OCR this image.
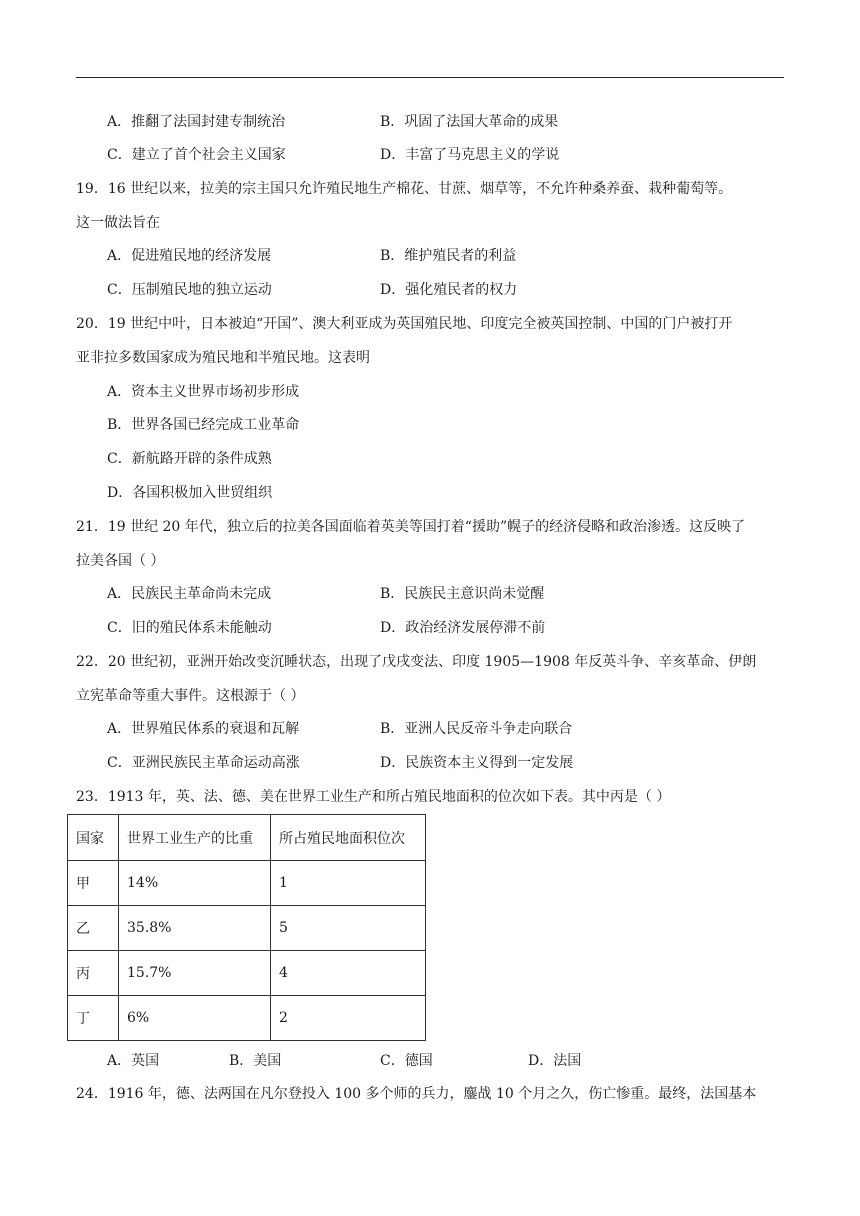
A．推翻了法国封建专制统治	B．巩固了法国大革命的成果
C．建立了首个社会主义国家	D．丰富了马克思主义的学说
19．16 世纪以来，拉美的宗主国只允许殖民地生产棉花、甘蔗、烟草等，不允许种桑养蚕、栽种葡萄等。
这一做法旨在
A．促进殖民地的经济发展	B．维护殖民者的利益
C．压制殖民地的独立运动	D．强化殖民者的权力
20．19 世纪中叶，日本被迫“开国”、澳大利亚成为英国殖民地、印度完全被英国控制、中国的门户被打开
亚非拉多数国家成为殖民地和半殖民地。这表明
A．资本主义世界市场初步形成
B．世界各国已经完成工业革命
C．新航路开辟的条件成熟
D．各国积极加入世贸组织
21．19 世纪 20 年代，独立后的拉美各国面临着英美等国打着“援助”幌子的经济侵略和政治渗透。这反映了
拉美各国（ ）
A．民族民主革命尚未完成	B．民族民主意识尚未觉醒
C．旧的殖民体系未能触动	D．政治经济发展停滞不前
22．20 世纪初，亚洲开始改变沉睡状态，出现了戊戌变法、印度 1905—1908 年反英斗争、辛亥革命、伊朗
立宪革命等重大事件。这根源于（ ）
A．世界殖民体系的衰退和瓦解	B．亚洲人民反帝斗争走向联合
C．亚洲民族民主革命运动高涨	D．民族资本主义得到一定发展
23．1913 年，英、法、德、美在世界工业生产和所占殖民地面积的位次如下表。其中丙是（ ）
国家	世界工业生产的比重	所占殖民地面积位次
甲	14%	1
乙	35.8%	5
丙	15.7%	4
丁	6%	2
A．英国	B．美国	C．德国	D．法国
24．1916 年，德、法两国在凡尔登投入 100 多个师的兵力，鏖战 10 个月之久，伤亡惨重。最终，法国基本
